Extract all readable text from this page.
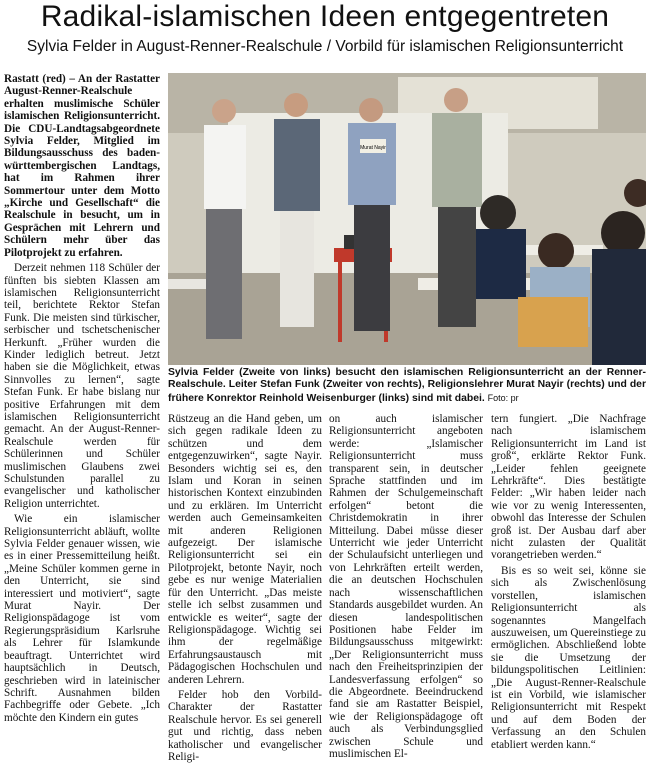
Radikal-islamischen Ideen entgegentreten
Sylvia Felder in August-Renner-Realschule / Vorbild für islamischen Religionsunterricht

Rastatt (red) – An der Rastatter August-Renner-Realschule erhalten muslimische Schüler islamischen Religionsunterricht. Die CDU-Landtagsabgeordnete Sylvia Felder, Mitglied im Bildungsausschuss des baden-württembergischen Landtags, hat im Rahmen ihrer Sommertour unter dem Motto „Kirche und Gesellschaft“ die Realschule in besucht, um in Gesprächen mit Lehrern und Schülern mehr über das Pilotprojekt zu erfahren.

Derzeit nehmen 118 Schüler der fünften bis siebten Klassen am islamischen Religionsunterricht teil, berichtete Rektor Stefan Funk. Die meisten sind türkischer, serbischer und tschetschenischer Herkunft. „Früher wurden die Kinder lediglich betreut. Jetzt haben sie die Möglichkeit, etwas Sinnvolles zu lernen“, sagte Stefan Funk. Er habe bislang nur positive Erfahrungen mit dem islamischen Religionsunterricht gemacht. An der August-Renner-Realschule werden für Schülerinnen und Schüler muslimischen Glaubens zwei Schulstunden parallel zu evangelischer und katholischer Religion unterrichtet.

Wie ein islamischer Religionsunterricht abläuft, wollte Sylvia Felder genauer wissen, wie es in einer Pressemitteilung heißt. „Meine Schüler kommen gerne in den Unterricht, sie sind interessiert und motiviert“, sagte Murat Nayir. Der Religionspädagoge ist vom Regierungspräsidium Karlsruhe als Lehrer für Islamkunde beauftragt. Unterrichtet wird hauptsächlich in Deutsch, geschrieben wird in lateinischer Schrift. Ausnahmen bilden Fachbegriffe oder Gebete. „Ich möchte den Kindern ein gutes

Murat Nayir
Sylvia Felder (Zweite von links) besucht den islamischen Religionsunterricht an der Renner-Realschule. Leiter Stefan Funk (Zweiter von rechts), Religionslehrer Murat Nayir (rechts) und der frühere Konrektor Reinhold Weisenburger (links) sind mit dabei. Foto: pr

Rüstzeug an die Hand geben, um sich gegen radikale Ideen zu schützen und dem entgegenzuwirken“, sagte Nayir. Besonders wichtig sei es, den Islam und Koran in seinen historischen Kontext einzubinden und zu erklären. Im Unterricht werden auch Gemeinsamkeiten mit anderen Religionen aufgezeigt. Der islamische Religionsunterricht sei ein Pilotprojekt, betonte Nayir, noch gebe es nur wenige Materialien für den Unterricht. „Das meiste stelle ich selbst zusammen und entwickle es weiter“, sagte der Religionspädagoge. Wichtig sei ihm der regelmäßige Erfahrungsaustausch mit Pädagogischen Hochschulen und anderen Lehrern.

Felder hob den Vorbild-Charakter der Rastatter Realschule hervor. Es sei generell gut und richtig, dass neben katholischer und evangelischer Religi-

on auch islamischer Religionsunterricht angeboten werde: „Islamischer Religionsunterricht muss transparent sein, in deutscher Sprache stattfinden und im Rahmen der Schulgemeinschaft erfolgen“ betont die Christdemokratin in ihrer Mitteilung. Dabei müsse dieser Unterricht wie jeder Unterricht der Schulaufsicht unterliegen und von Lehrkräften erteilt werden, die an deutschen Hochschulen nach wissenschaftlichen Standards ausgebildet wurden. An diesen landespolitischen Positionen habe Felder im Bildungsausschuss mitgewirkt: „Der Religionsunterricht muss nach den Freiheitsprinzipien der Landesverfassung erfolgen“ so die Abgeordnete. Beeindruckend fand sie am Rastatter Beispiel, wie der Religionspädagoge oft auch als Verbindungsglied zwischen Schule und muslimischen El-

tern fungiert. „Die Nachfrage nach islamischem Religionsunterricht im Land ist groß“, erklärte Rektor Funk. „Leider fehlen geeignete Lehrkräfte“. Dies bestätigte Felder: „Wir haben leider nach wie vor zu wenig Interessenten, obwohl das Interesse der Schulen groß ist. Der Ausbau darf aber nicht zulasten der Qualität vorangetrieben werden.“

Bis es so weit sei, könne sie sich als Zwischenlösung vorstellen, islamischen Religionsunterricht als sogenanntes Mangelfach auszuweisen, um Quereinstiege zu ermöglichen. Abschließend lobte sie die Umsetzung der bildungspolitischen Leitlinien: „Die August-Renner-Realschule ist ein Vorbild, wie islamischer Religionsunterricht mit Respekt und auf dem Boden der Verfassung an den Schulen etabliert werden kann.“
